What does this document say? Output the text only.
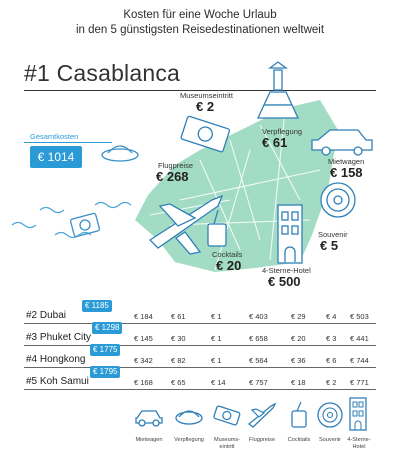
Kosten für eine Woche Urlaub
in den 5 günstigsten Reisedestinationen weltweit
#1 Casablanca
Gesamtkosten
€ 1014
Museumseintritt
€ 2
Verpflegung
€ 61
Mietwagen
€ 158
Flugpreise
€ 268
Souvenir
€ 5
Cocktails
€ 20	4-Sterne-Hotel
€ 500
#2 Dubai
€ 1185
€ 184 € 61	€ 1	€ 403	€ 29	€ 4 € 503
#3 Phuket City
€ 1298
€ 145 € 30	€ 1	€ 658	€ 20	€ 3 € 441
#4 Hongkong
€ 1775
€ 342 € 82	€ 1	€ 564	€ 36	€ 6 € 744
#5 Koh Samui
€ 1795
€ 168 € 65	€ 14	€ 757	€ 18	€ 2 € 771
Mietwagen	Verpflegung	Museums-
eintritt
Flugpreise	Cocktails	Souvenir	4-Sterne-
Hotel
